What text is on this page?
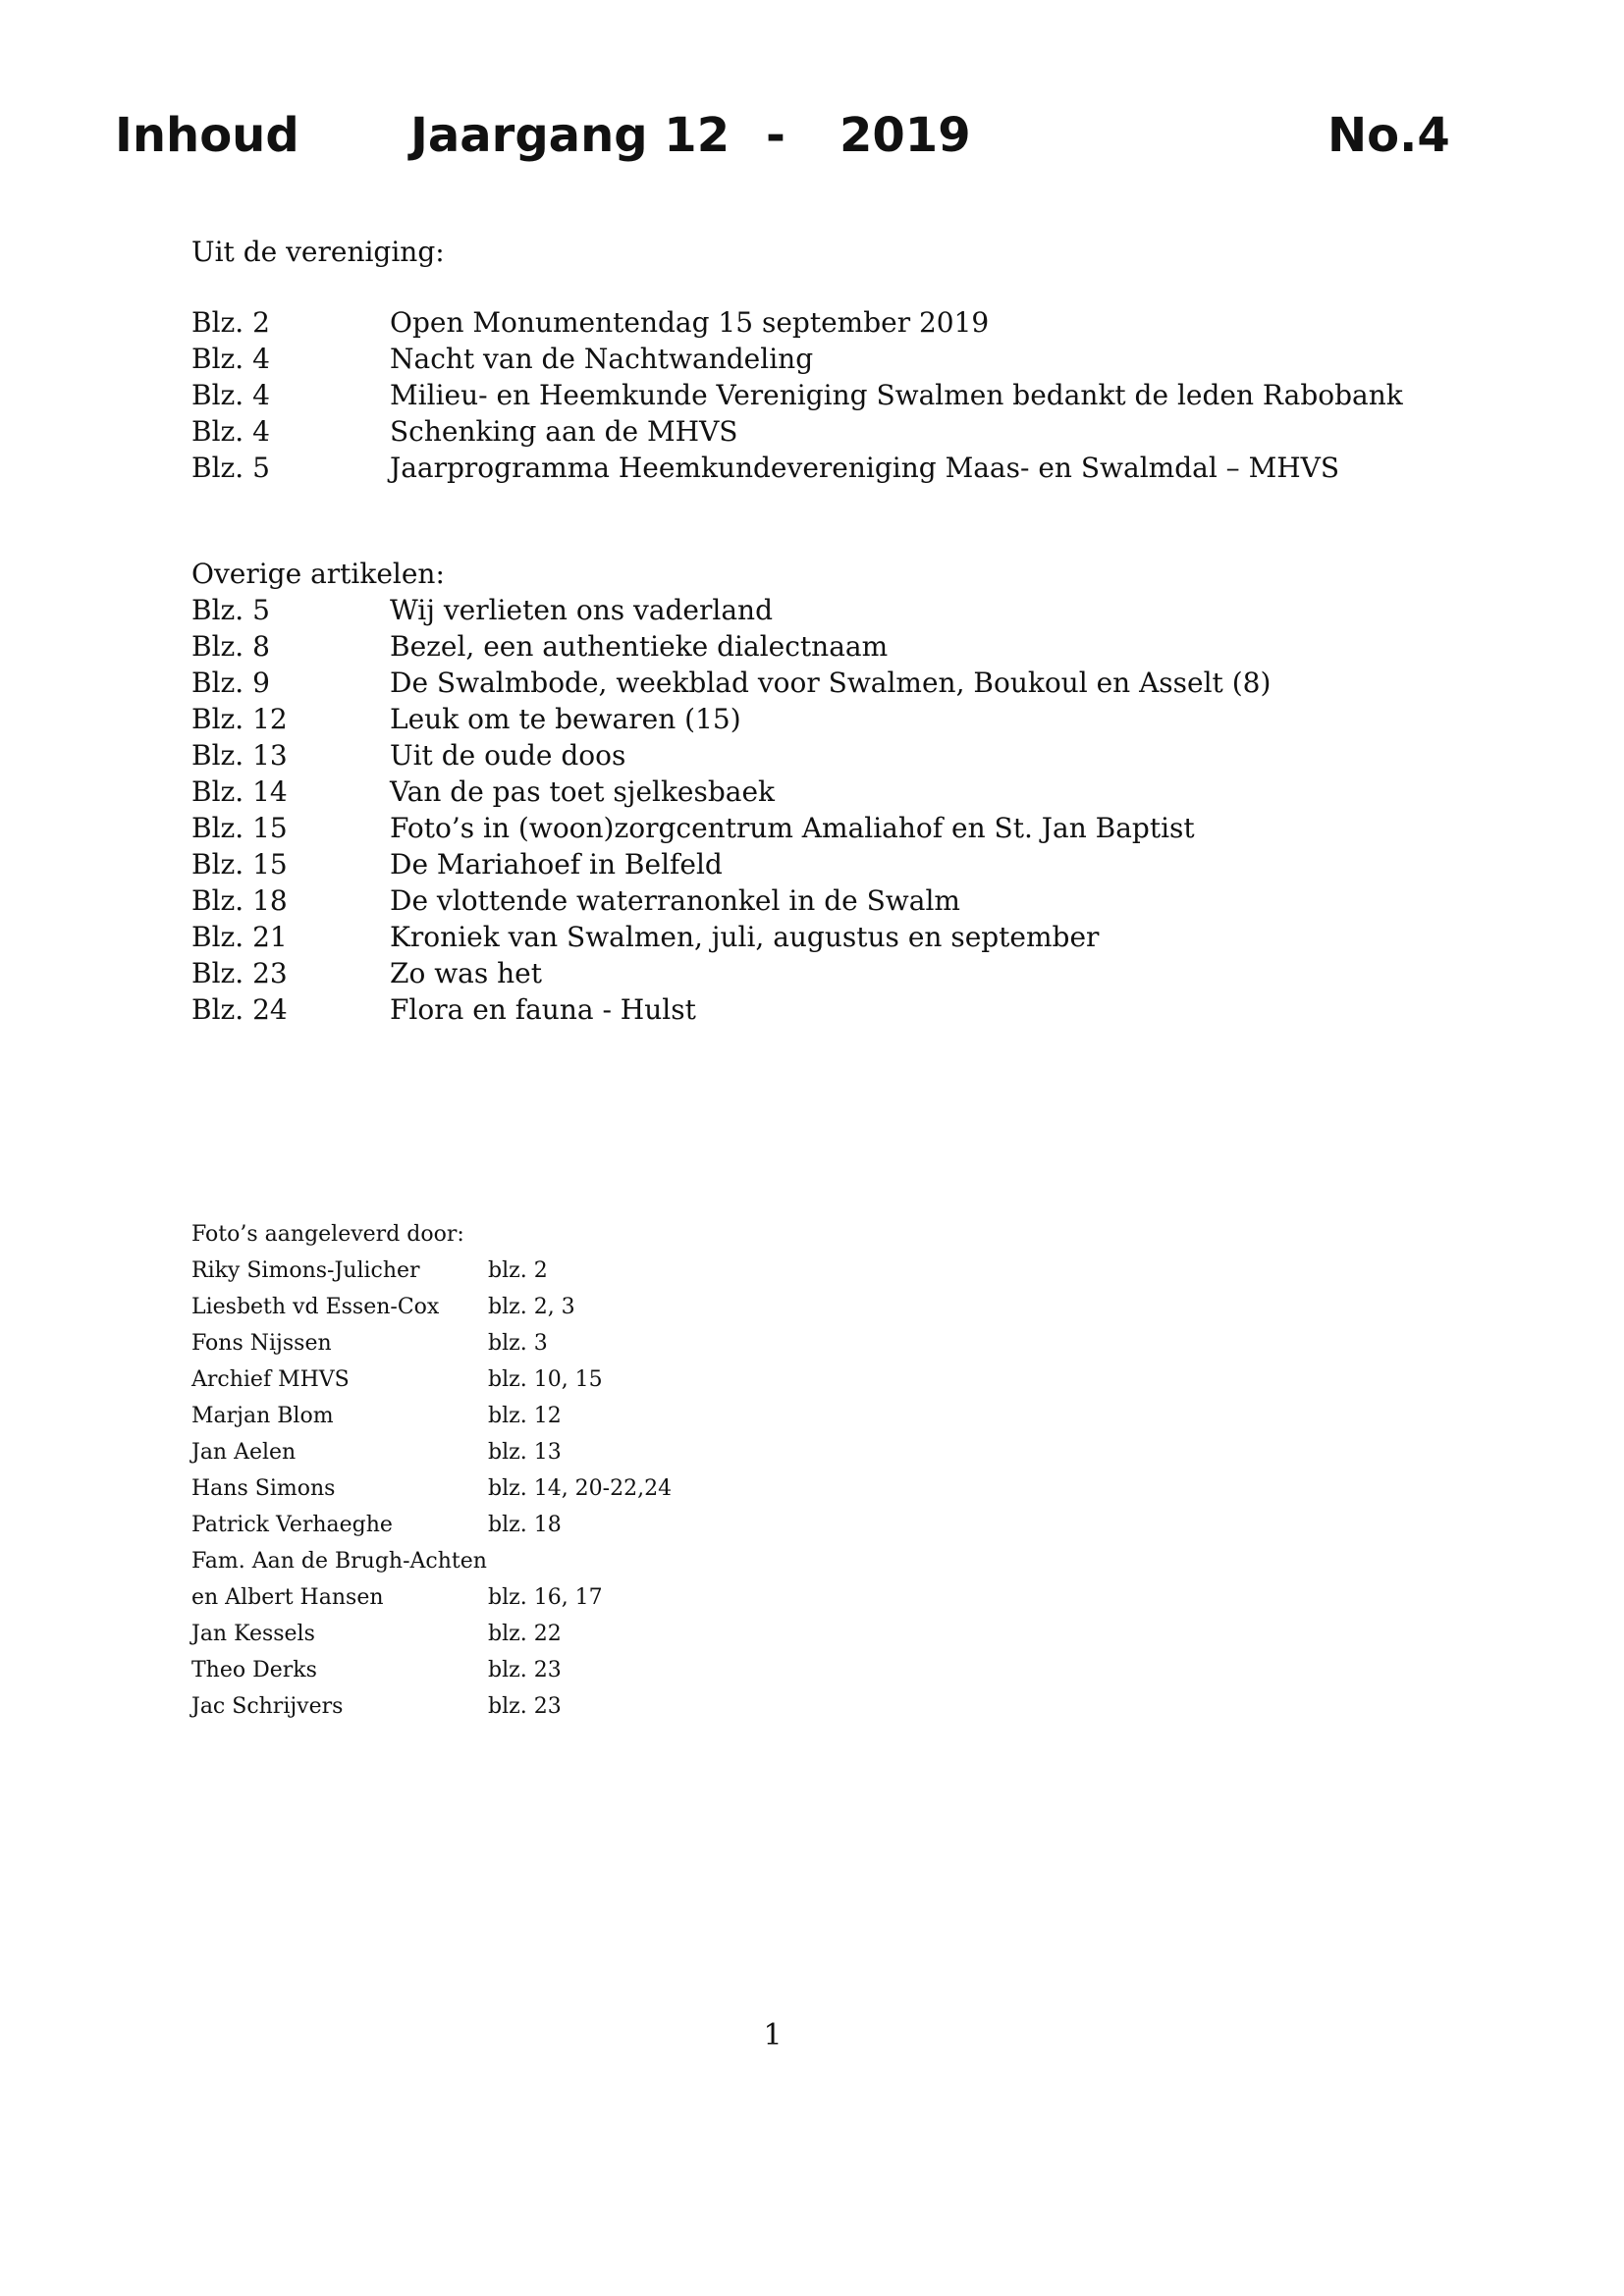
Inhoud Jaargang 12 - 2019	No.4
Uit de vereniging:
Blz. 2	Open Monumentendag 15 september 2019
Blz. 4	Nacht van de Nachtwandeling
Blz. 4	Milieu- en Heemkunde Vereniging Swalmen bedankt de leden Rabobank
Blz. 4	Schenking aan de MHVS
Blz. 5	Jaarprogramma Heemkundevereniging Maas- en Swalmdal – MHVS
Overige artikelen:
Blz. 5	Wij verlieten ons vaderland
Blz. 8	Bezel, een authentieke dialectnaam
Blz. 9	De Swalmbode, weekblad voor Swalmen, Boukoul en Asselt (8)
Blz. 12	Leuk om te bewaren (15)
Blz. 13	Uit de oude doos
Blz. 14	Van de pas toet sjelkesbaek
Blz. 15	Foto’s in (woon)zorgcentrum Amaliahof en St. Jan Baptist
Blz. 15	De Mariahoef in Belfeld
Blz. 18	De vlottende waterranonkel in de Swalm
Blz. 21	Kroniek van Swalmen, juli, augustus en september
Blz. 23	Zo was het
Blz. 24	Flora en fauna - Hulst
Foto’s aangeleverd door:
Riky Simons-Julicher	blz. 2
Liesbeth vd Essen-Cox blz. 2, 3
Fons Nijssen	blz. 3
Archief MHVS	blz. 10, 15
Marjan Blom	blz. 12
Jan Aelen	blz. 13
Hans Simons	blz. 14, 20-22,24
Patrick Verhaeghe	blz. 18
Fam. Aan de Brugh-Achten
en Albert Hansen	blz. 16, 17
Jan Kessels	blz. 22
Theo Derks	blz. 23
Jac Schrijvers	blz. 23
1
